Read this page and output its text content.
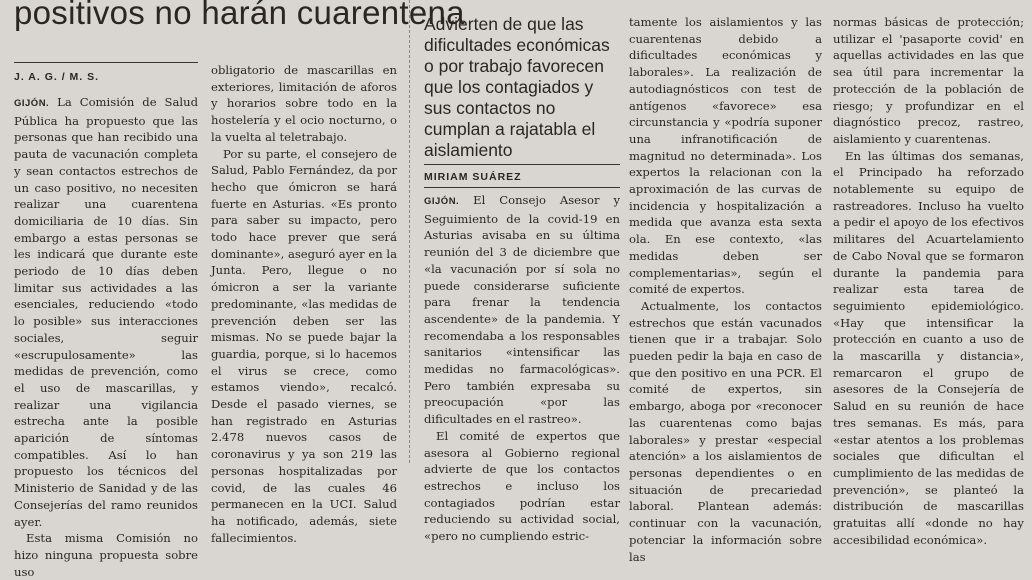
positivos no harán cuarentena
J. A. G. / M. S.

GIJÓN. La Comisión de Salud Pública ha propuesto que las personas que han recibido una pauta de vacunación completa y sean contactos estrechos de un caso positivo, no necesiten realizar una cuarentena domiciliaria de 10 días. Sin embargo a estas personas se les indicará que durante este periodo de 10 días deben limitar sus actividades a las esenciales, reduciendo «todo lo posible» sus interacciones sociales, seguir «escrupulosamente» las medidas de prevención, como el uso de mascarillas, y realizar una vigilancia estrecha ante la posible aparición de síntomas compatibles. Así lo han propuesto los técnicos del Ministerio de Sanidad y de las Consejerías del ramo reunidos ayer.

Esta misma Comisión no hizo ninguna propuesta sobre uso

obligatorio de mascarillas en exteriores, limitación de aforos y horarios sobre todo en la hostelería y el ocio nocturno, o la vuelta al teletrabajo.

Por su parte, el consejero de Salud, Pablo Fernández, da por hecho que ómicron se hará fuerte en Asturias. «Es pronto para saber su impacto, pero todo hace prever que será dominante», aseguró ayer en la Junta. Pero, llegue o no ómicron a ser la variante predominante, «las medidas de prevención deben ser las mismas. No se puede bajar la guardia, porque, si lo hacemos el virus se crece, como estamos viendo», recalcó. Desde el pasado viernes, se han registrado en Asturias 2.478 nuevos casos de coronavirus y ya son 219 las personas hospitalizadas por covid, de las cuales 46 permanecen en la UCI. Salud ha notificado, además, siete fallecimientos.

Advierten de que las dificultades económicas o por trabajo favorecen que los contagiados y sus contactos no cumplan a rajatabla el aislamiento
MIRIAM SUÁREZ

GIJÓN. El Consejo Asesor y Seguimiento de la covid-19 en Asturias avisaba en su última reunión del 3 de diciembre que «la vacunación por sí sola no puede considerarse suficiente para frenar la tendencia ascendente» de la pandemia. Y recomendaba a los responsables sanitarios «intensificar las medidas no farmacológicas». Pero también expresaba su preocupación «por las dificultades en el rastreo».

El comité de expertos que asesora al Gobierno regional advierte de que los contactos estrechos e incluso los contagiados podrían estar reduciendo su actividad social, «pero no cumpliendo estric-

tamente los aislamientos y las cuarentenas debido a dificultades económicas y laborales». La realización de autodiagnósticos con test de antígenos «favorece» esa circunstancia y «podría suponer una infranotificación de magnitud no determinada». Los expertos la relacionan con la aproximación de las curvas de incidencia y hospitalización a medida que avanza esta sexta ola. En ese contexto, «las medidas deben ser complementarias», según el comité de expertos.

Actualmente, los contactos estrechos que están vacunados tienen que ir a trabajar. Solo pueden pedir la baja en caso de que den positivo en una PCR. El comité de expertos, sin embargo, aboga por «reconocer las cuarentenas como bajas laborales» y prestar «especial atención» a los aislamientos de personas dependientes o en situación de precariedad laboral. Plantean además: continuar con la vacunación, potenciar la información sobre las

normas básicas de protección; utilizar el 'pasaporte covid' en aquellas actividades en las que sea útil para incrementar la protección de la población de riesgo; y profundizar en el diagnóstico precoz, rastreo, aislamiento y cuarentenas.

En las últimas dos semanas, el Principado ha reforzado notablemente su equipo de rastreadores. Incluso ha vuelto a pedir el apoyo de los efectivos militares del Acuartelamiento de Cabo Noval que se formaron durante la pandemia para realizar esta tarea de seguimiento epidemiológico. «Hay que intensificar la protección en cuanto a uso de la mascarilla y distancia», remarcaron el grupo de asesores de la Consejería de Salud en su reunión de hace tres semanas. Es más, para «estar atentos a los problemas sociales que dificultan el cumplimiento de las medidas de prevención», se planteó la distribución de mascarillas gratuitas allí «donde no hay accesibilidad económica».
